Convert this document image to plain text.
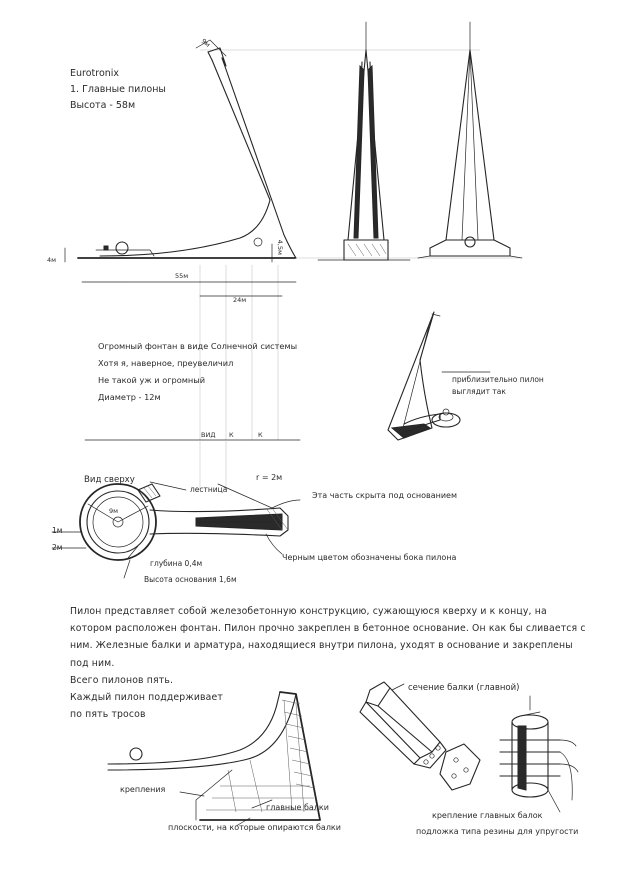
Eurotronix
1. Главные пилоны
Высота - 58м
9м
4м
55м
24м
4,5м
Огромный фонтан в виде Солнечной системы
Хотя я, наверное, преувеличил
Не такой уж и огромный
Диаметр - 12м
приблизительно пилон
выглядит так
ВИД К	К
Вид сверху
лестница
r = 2м
Эта часть скрыта под основанием
9м
1м
2м
глубина 0,4м
Высота основания 1,6м
Черным цветом обозначены бока пилона
Пилон представляет собой железобетонную конструкцию, сужающуюся кверху и к концу, на котором расположен фонтан. Пилон прочно закреплен в бетонное основание. Он как бы сливается с ним. Железные балки и арматура, находящиеся внутри пилона, уходят в основание и закреплены под ним.
Всего пилонов пять.
Каждый пилон поддерживает
по пять тросов
сечение балки (главной)
крепления
главные балки
плоскости, на которые опираются балки
крепление главных балок
подложка типа резины для упругости
